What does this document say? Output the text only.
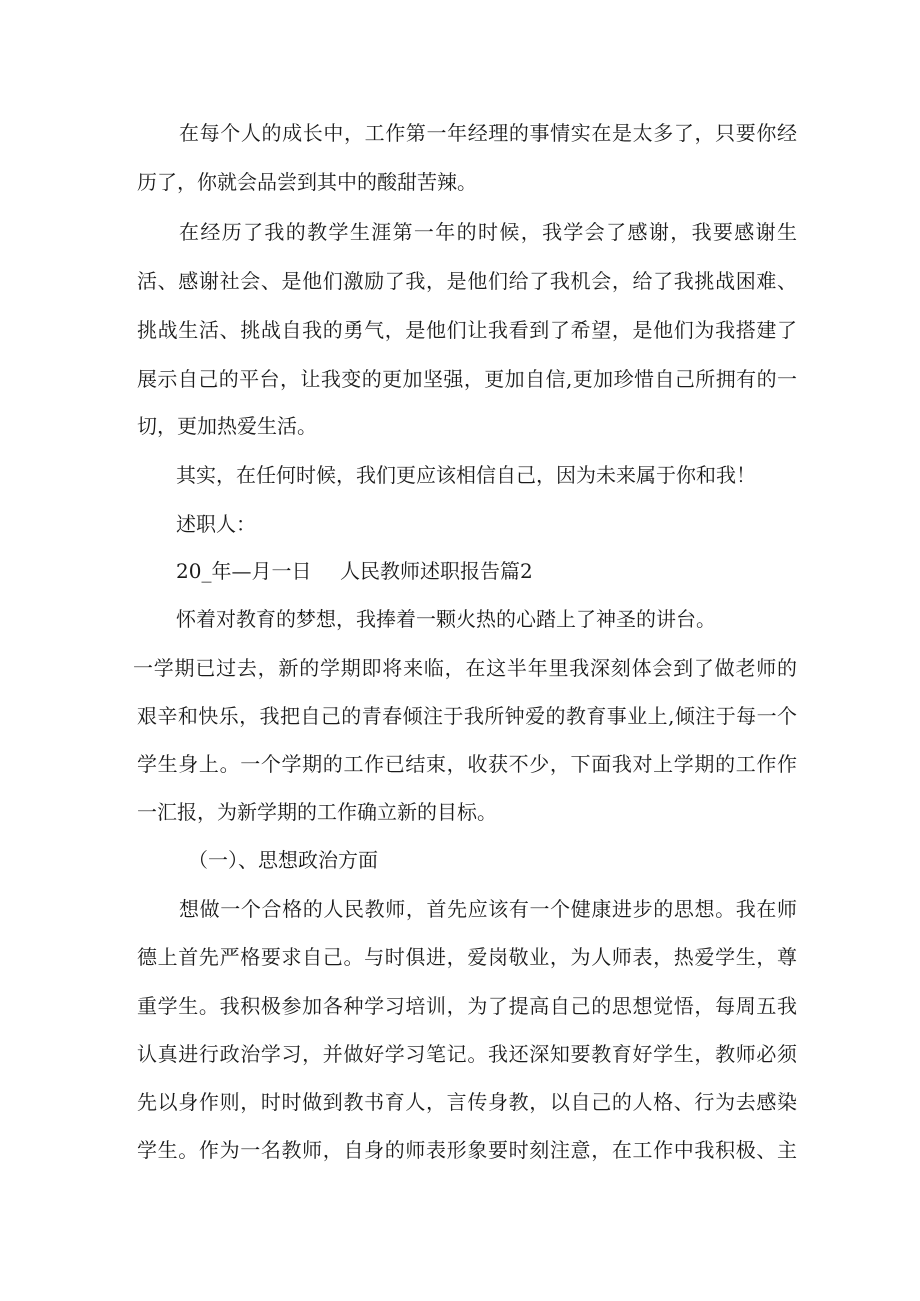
在每个人的成长中，工作第一年经理的事情实在是太多了，只要你经

历了，你就会品尝到其中的酸甜苦辣。

在经历了我的教学生涯第一年的时候，我学会了感谢，我要感谢生

活、感谢社会、是他们激励了我，是他们给了我机会，给了我挑战困难、

挑战生活、挑战自我的勇气，是他们让我看到了希望，是他们为我搭建了

展示自己的平台，让我变的更加坚强，更加自信,更加珍惜自己所拥有的一

切，更加热爱生活。

其实，在任何时候，我们更应该相信自己，因为未来属于你和我！

述职人：

20_年—月一日 人民教师述职报告篇2

怀着对教育的梦想，我捧着一颗火热的心踏上了神圣的讲台。

一学期已过去，新的学期即将来临，在这半年里我深刻体会到了做老师的

艰辛和快乐，我把自己的青春倾注于我所钟爱的教育事业上,倾注于每一个

学生身上。一个学期的工作已结束，收获不少，下面我对上学期的工作作

一汇报，为新学期的工作确立新的目标。

（一）、思想政治方面

想做一个合格的人民教师，首先应该有一个健康进步的思想。我在师

德上首先严格要求自己。与时俱进，爱岗敬业，为人师表，热爱学生，尊

重学生。我积极参加各种学习培训，为了提高自己的思想觉悟，每周五我

认真进行政治学习，并做好学习笔记。我还深知要教育好学生，教师必须

先以身作则，时时做到教书育人，言传身教，以自己的人格、行为去感染

学生。作为一名教师，自身的师表形象要时刻注意，在工作中我积极、主
